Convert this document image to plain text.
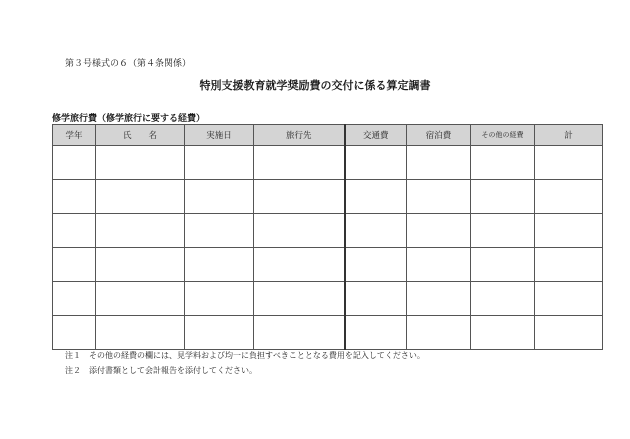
第３号様式の６（第４条関係）
特別支援教育就学奨励費の交付に係る算定調書
修学旅行費（修学旅行に要する経費）
学年	氏　　名	実施日	旅行先	交通費	宿泊費	その他の経費	計

注１　その他の経費の欄には、見学料および均一に負担すべきこととなる費用を記入してください。
注２　添付書類として会計報告を添付してください。
